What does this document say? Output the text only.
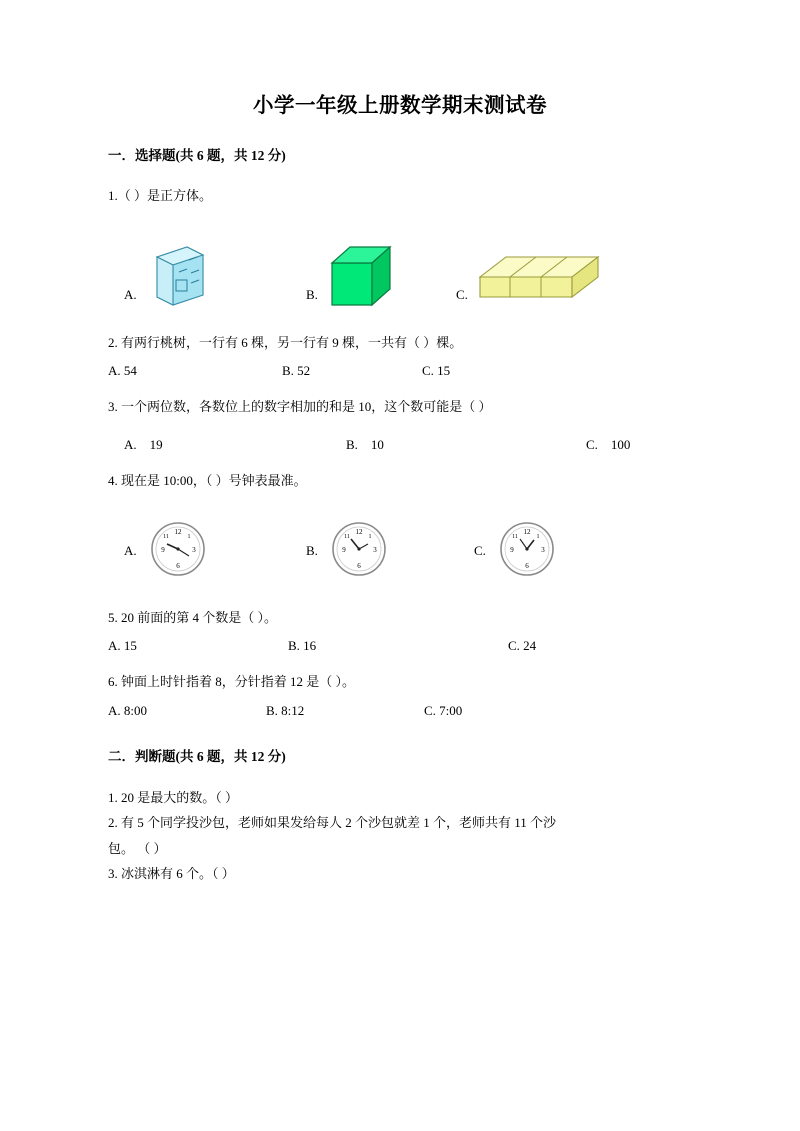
小学一年级上册数学期末测试卷
一．选择题(共 6 题，共 12 分)

1.（ ）是正方体。

A.	B.	C.

2. 有两行桃树，一行有 6 棵，另一行有 9 棵，一共有（ ）棵。

A. 54	B. 52	C. 15

3. 一个两位数，各数位上的数字相加的和是 10，这个数可能是（ ）

A.　19	B.　10	C.　100

4. 现在是 10:00，（ ）号钟表最准。

A.
12
3
6
9
11	1
B.
12
3
6
9
11	1
C.
12
3
6
9
11	1

5. 20 前面的第 4 个数是（ ）。

A. 15	B. 16	C. 24

6. 钟面上时针指着 8，分针指着 12 是（ ）。

A. 8:00	B. 8:12	C. 7:00
二．判断题(共 6 题，共 12 分)

1. 20 是最大的数。（ ）

2. 有 5 个同学投沙包，老师如果发给每人 2 个沙包就差 1 个，老师共有 11 个沙

包。 （ ）

3. 冰淇淋有 6 个。（ ）
